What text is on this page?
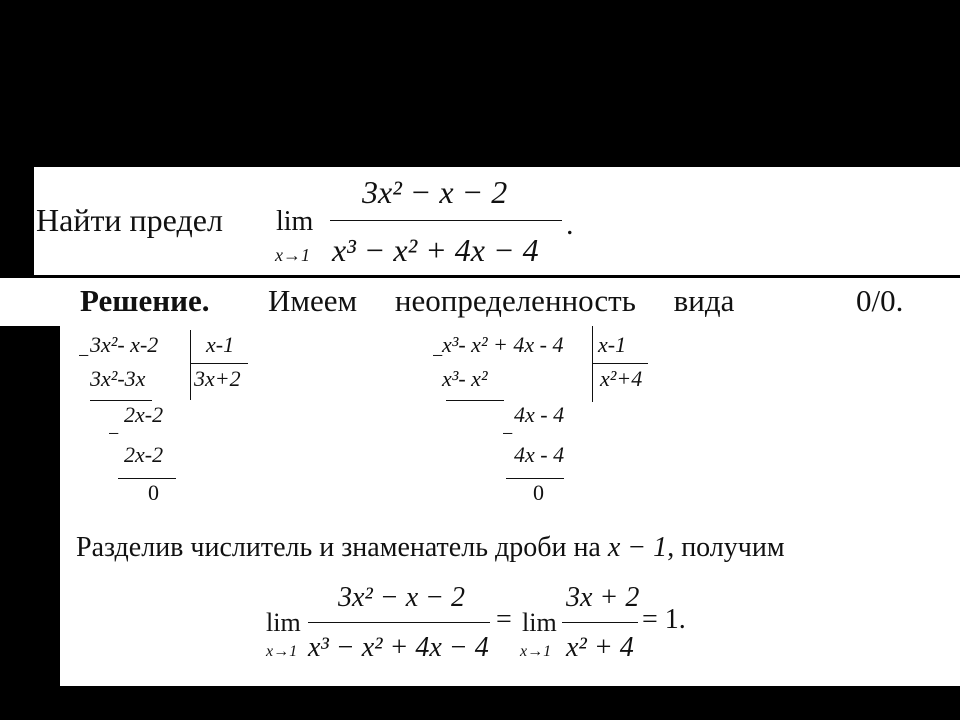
Найти предел lim
x→1
3x² − x − 2
x³ − x² + 4x − 4
.
Решение. Имеем неопределенность вида	0/0.
− 3x²- x-2 x-1
3x²-3x 3x+2
2x-2
−
2x-2
0
−
x³- x² + 4x - 4 x-1
x³- x²	x²+4
4x - 4
−
4x - 4
0
Разделив числитель и знаменатель дроби на x − 1, получим
lim
x→1
3x² − x − 2
x³ − x² + 4x − 4
= lim
x→1
3x + 2
x² + 4
= 1.
